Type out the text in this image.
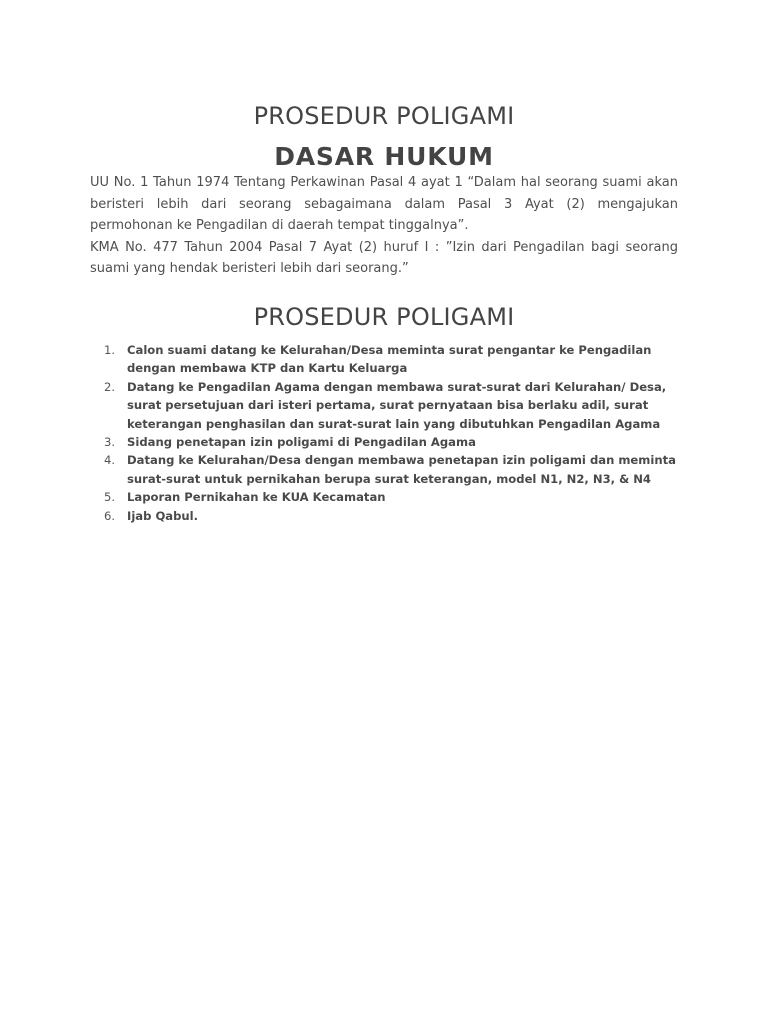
PROSEDUR POLIGAMI
DASAR HUKUM

UU No. 1 Tahun 1974 Tentang Perkawinan Pasal 4 ayat 1 “Dalam hal seorang suami akan beristeri lebih dari seorang sebagaimana dalam Pasal 3 Ayat (2) mengajukan permohonan ke Pengadilan di daerah tempat tinggalnya”.

KMA No. 477 Tahun 2004 Pasal 7 Ayat (2) huruf I : ”Izin dari Pengadilan bagi seorang suami yang hendak beristeri lebih dari seorang.”

PROSEDUR POLIGAMI
1. Calon suami datang ke Kelurahan/Desa meminta surat pengantar ke Pengadilan dengan membawa KTP dan Kartu Keluarga
2. Datang ke Pengadilan Agama dengan membawa surat-surat dari Kelurahan/ Desa, surat persetujuan dari isteri pertama, surat pernyataan bisa berlaku adil, surat keterangan penghasilan dan surat-surat lain yang dibutuhkan Pengadilan Agama
3. Sidang penetapan izin poligami di Pengadilan Agama
4. Datang ke Kelurahan/Desa dengan membawa penetapan izin poligami dan meminta surat-surat untuk pernikahan berupa surat keterangan, model N1, N2, N3, & N4
5. Laporan Pernikahan ke KUA Kecamatan
6. Ijab Qabul.
